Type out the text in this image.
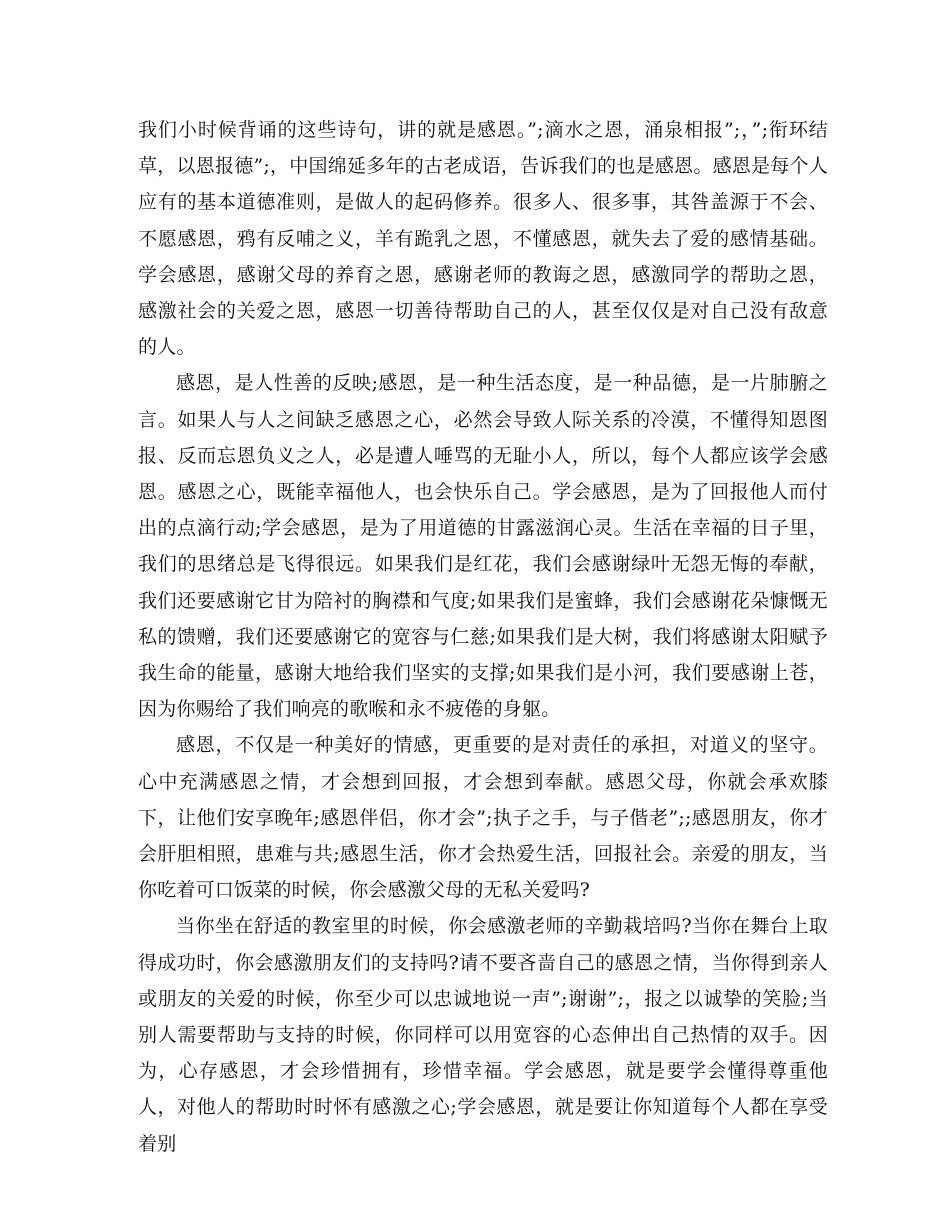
我们小时候背诵的这些诗句，讲的就是感恩。”;滴水之恩，涌泉相报”;，”;衔环结草，以恩报德”;，中国绵延多年的古老成语，告诉我们的也是感恩。感恩是每个人应有的基本道德准则，是做人的起码修养。很多人、很多事，其咎盖源于不会、不愿感恩，鸦有反哺之义，羊有跪乳之恩，不懂感恩，就失去了爱的感情基础。学会感恩，感谢父母的养育之恩，感谢老师的教诲之恩，感激同学的帮助之恩，感激社会的关爱之恩，感恩一切善待帮助自己的人，甚至仅仅是对自己没有敌意的人。

感恩，是人性善的反映;感恩，是一种生活态度，是一种品德，是一片肺腑之言。如果人与人之间缺乏感恩之心，必然会导致人际关系的冷漠，不懂得知恩图报、反而忘恩负义之人，必是遭人唾骂的无耻小人，所以，每个人都应该学会感恩。感恩之心，既能幸福他人，也会快乐自己。学会感恩，是为了回报他人而付出的点滴行动;学会感恩，是为了用道德的甘露滋润心灵。生活在幸福的日子里，我们的思绪总是飞得很远。如果我们是红花，我们会感谢绿叶无怨无悔的奉献，我们还要感谢它甘为陪衬的胸襟和气度;如果我们是蜜蜂，我们会感谢花朵慷慨无私的馈赠，我们还要感谢它的宽容与仁慈;如果我们是大树，我们将感谢太阳赋予我生命的能量，感谢大地给我们坚实的支撑;如果我们是小河，我们要感谢上苍，因为你赐给了我们响亮的歌喉和永不疲倦的身躯。

感恩，不仅是一种美好的情感，更重要的是对责任的承担，对道义的坚守。心中充满感恩之情，才会想到回报，才会想到奉献。感恩父母，你就会承欢膝下，让他们安享晚年;感恩伴侣，你才会”;执子之手，与子偕老”;;感恩朋友，你才会肝胆相照，患难与共;感恩生活，你才会热爱生活，回报社会。亲爱的朋友，当你吃着可口饭菜的时候，你会感激父母的无私关爱吗?

当你坐在舒适的教室里的时候，你会感激老师的辛勤栽培吗?当你在舞台上取得成功时，你会感激朋友们的支持吗?请不要吝啬自己的感恩之情，当你得到亲人或朋友的关爱的时候，你至少可以忠诚地说一声”;谢谢”;，报之以诚挚的笑脸;当别人需要帮助与支持的时候，你同样可以用宽容的心态伸出自己热情的双手。因为，心存感恩，才会珍惜拥有，珍惜幸福。学会感恩，就是要学会懂得尊重他人，对他人的帮助时时怀有感激之心;学会感恩，就是要让你知道每个人都在享受着别
